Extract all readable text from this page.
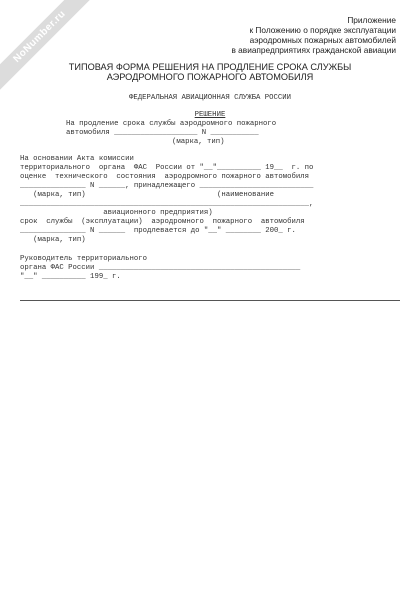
NoNumber.ru	Приложение
к Положению о порядке эксплуатации
аэродромных пожарных автомобилей
в авиапредприятиях гражданской авиации
ТИПОВАЯ ФОРМА РЕШЕНИЯ НА ПРОДЛЕНИЕ СРОКА СЛУЖБЫ
АЭРОДРОМНОГО ПОЖАРНОГО АВТОМОБИЛЯ
ФЕДЕРАЛЬНАЯ АВИАЦИОННАЯ СЛУЖБА РОССИИ
РЕШЕНИЕ
На продление срока службы аэродромного пожарного
автомобиля ___________________ N ___________
(марка, тип)
На основании Акта комиссии
территориального  органа  ФАС  России от "__"__________ 19__  г. по
оценке  технического  состояния  аэродромного пожарного автомобиля
_______________ N ______, принадлежащего __________________________
(марка, тип)                              (наименование
__________________________________________________________________,
авиационного предприятия)
срок  службы  (эксплуатации)  аэродромного  пожарного  автомобиля
_______________ N ______  продлевается до "__" ________ 200_ г.
(марка, тип)
Руководитель территориального
органа ФАС России ______________________________________________
"__" __________ 199_ г.
